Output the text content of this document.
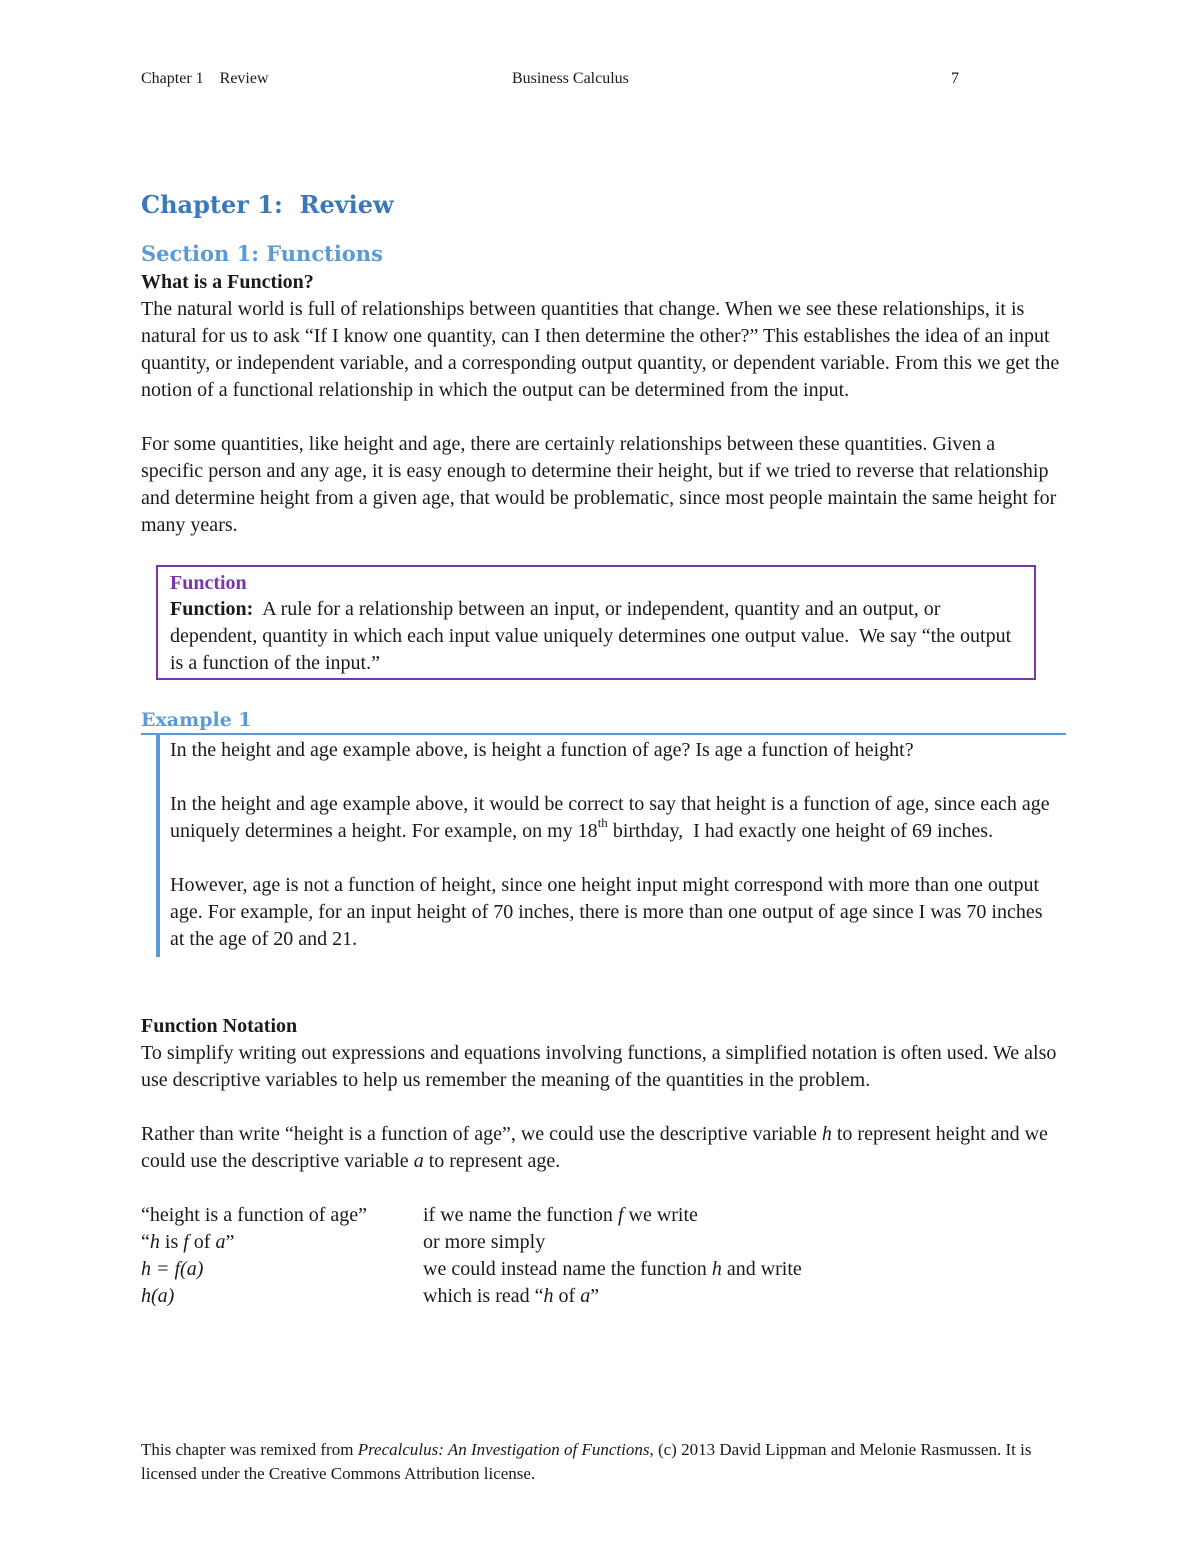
Chapter 1    Review	Business Calculus	7
Chapter 1:  Review
Section 1: Functions
What is a Function?

The natural world is full of relationships between quantities that change. When we see these relationships, it is natural for us to ask “If I know one quantity, can I then determine the other?” This establishes the idea of an input quantity, or independent variable, and a corresponding output quantity, or dependent variable. From this we get the notion of a functional relationship in which the output can be determined from the input.

For some quantities, like height and age, there are certainly relationships between these quantities. Given a specific person and any age, it is easy enough to determine their height, but if we tried to reverse that relationship and determine height from a given age, that would be problematic, since most people maintain the same height for many years.

Function

Function:  A rule for a relationship between an input, or independent, quantity and an output, or dependent, quantity in which each input value uniquely determines one output value.  We say “the output is a function of the input.”

Example 1

In the height and age example above, is height a function of age? Is age a function of height?

In the height and age example above, it would be correct to say that height is a function of age, since each age uniquely determines a height. For example, on my 18th birthday,  I had exactly one height of 69 inches.

However, age is not a function of height, since one height input might correspond with more than one output age. For example, for an input height of 70 inches, there is more than one output of age since I was 70 inches at the age of 20 and 21.

Function Notation

To simplify writing out expressions and equations involving functions, a simplified notation is often used. We also use descriptive variables to help us remember the meaning of the quantities in the problem.

Rather than write “height is a function of age”, we could use the descriptive variable h to represent height and we could use the descriptive variable a to represent age.

“height is a function of age”	if we name the function f we write
“h is f of a”	or more simply
h = f(a)	we could instead name the function h and write
h(a)	which is read “h of a”
This chapter was remixed from Precalculus: An Investigation of Functions, (c) 2013 David Lippman and Melonie Rasmussen. It is licensed under the Creative Commons Attribution license.
